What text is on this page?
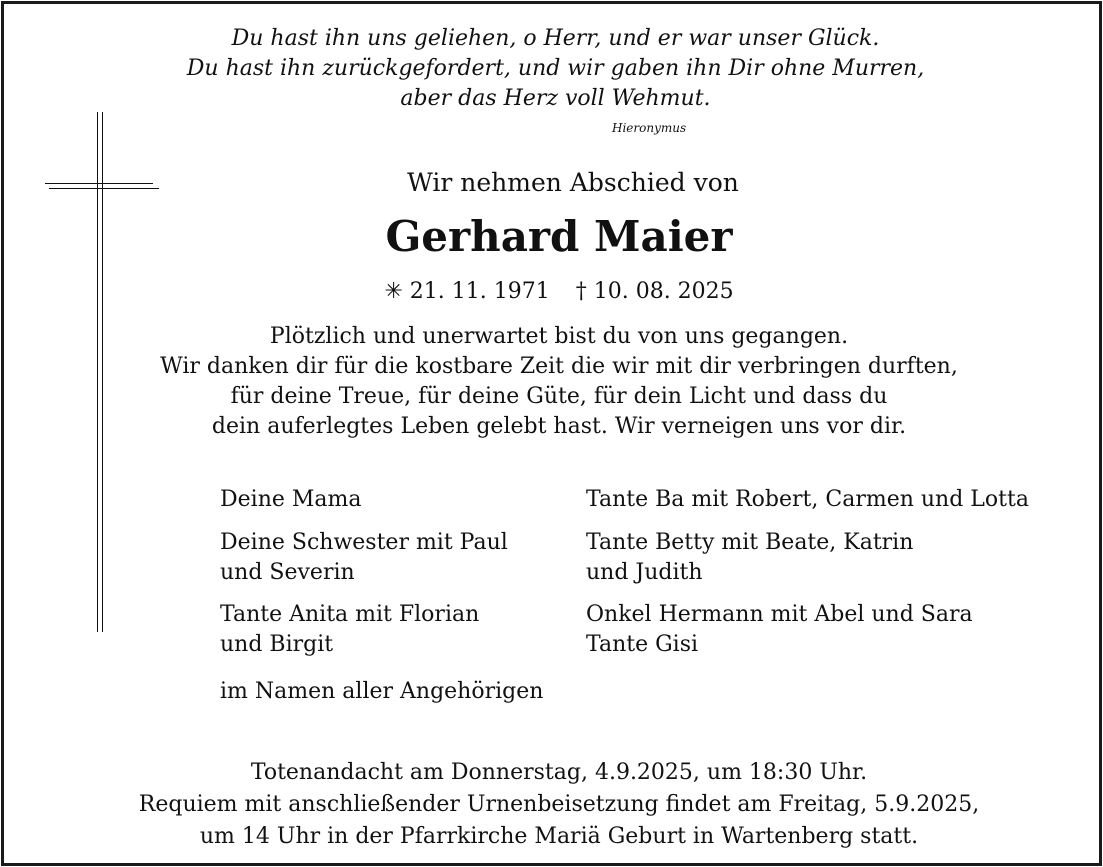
Du hast ihn uns geliehen, o Herr, und er war unser Glück.
Du hast ihn zurückgefordert, und wir gaben ihn Dir ohne Murren,
aber das Herz voll Wehmut.
Hieronymus
Wir nehmen Abschied von
Gerhard Maier
✳ 21. 11. 1971 † 10. 08. 2025
Plötzlich und unerwartet bist du von uns gegangen.
Wir danken dir für die kostbare Zeit die wir mit dir verbringen durften,
für deine Treue, für deine Güte, für dein Licht und dass du
dein auferlegtes Leben gelebt hast. Wir verneigen uns vor dir.
Deine Mama
Deine Schwester mit Paul
und Severin
Tante Anita mit Florian
und Birgit
im Namen aller Angehörigen
Tante Ba mit Robert, Carmen und Lotta
Tante Betty mit Beate, Katrin
und Judith
Onkel Hermann mit Abel und Sara
Tante Gisi
Totenandacht am Donnerstag, 4.9.2025, um 18:30 Uhr.
Requiem mit anschließender Urnenbeisetzung findet am Freitag, 5.9.2025,
um 14 Uhr in der Pfarrkirche Mariä Geburt in Wartenberg statt.
